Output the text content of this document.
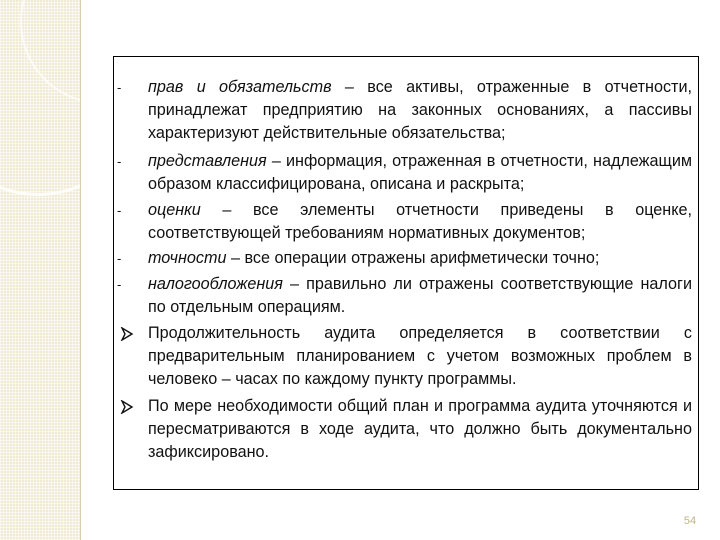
- прав и обязательств – все активы, отраженные в отчетности, принадлежат предприятию на законных основаниях, а пассивы характеризуют действительные обязательства;
- представления – информация, отраженная в отчетности, надлежащим образом классифицирована, описана и раскрыта;
- оценки – все элементы отчетности приведены в оценке, соответствующей требованиям нормативных документов;
- точности – все операции отражены арифметически точно;
- налогообложения – правильно ли отражены соответствующие налоги по отдельным операциям.
Продолжительность аудита определяется в соответствии с предварительным планированием с учетом возможных проблем в человеко – часах по каждому пункту программы.
По мере необходимости общий план и программа аудита уточняются и пересматриваются в ходе аудита, что должно быть документально зафиксировано.
54
